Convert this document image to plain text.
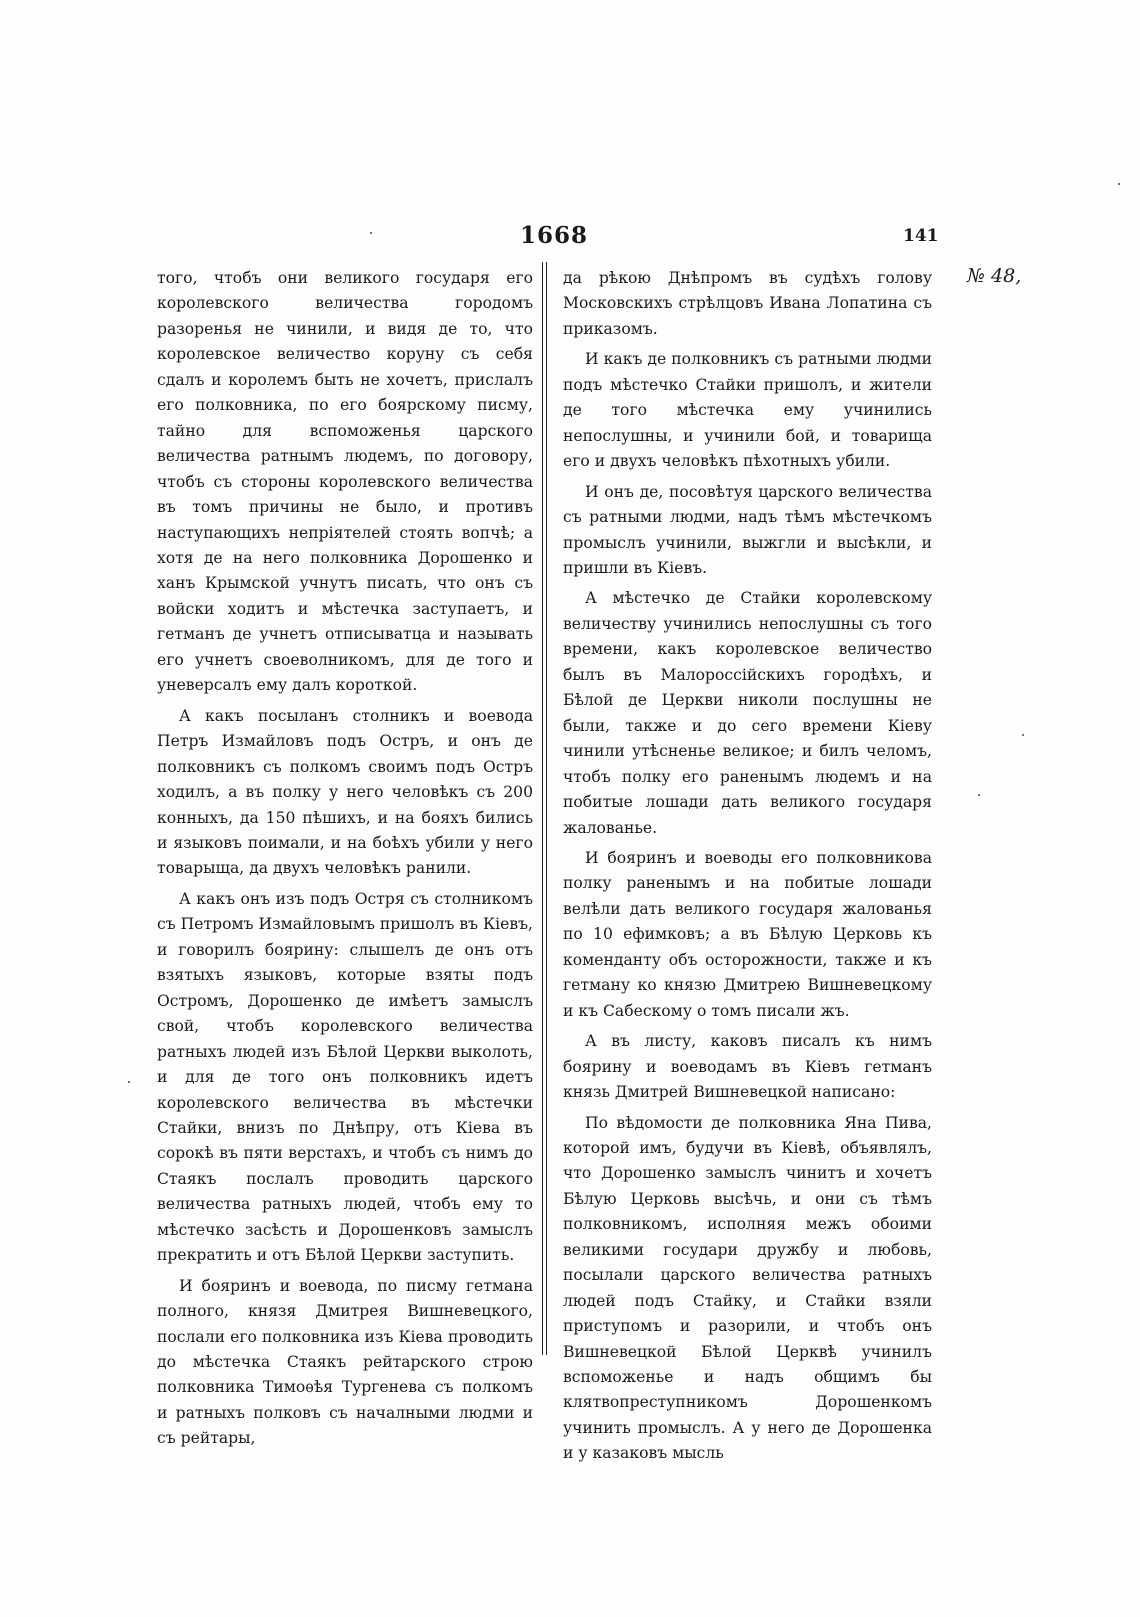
1668	141
№ 48,

того, чтобъ они великого государя его королевского величества городомъ разоренья не чинили, и видя де то, что королевское величество коруну съ себя сдалъ и королемъ быть не хочетъ, прислалъ его полковника, по его боярскому писму, тайно для вспоможенья царского величества ратнымъ людемъ, по договору, чтобъ съ стороны королевского величества въ томъ причины не было, и противъ наступающихъ непріятелей стоять вопчѣ; а хотя де на него полковника Дорошенко и ханъ Крымской учнутъ писать, что онъ съ войски ходитъ и мѣстечка заступаетъ, и гетманъ де учнетъ отписыватца и называть его учнетъ своеволникомъ, для де того и уневерсалъ ему далъ короткой.

А какъ посыланъ столникъ и воевода Петръ Измайловъ подъ Остръ, и онъ де полковникъ съ полкомъ своимъ подъ Остръ ходилъ, а въ полку у него человѣкъ съ 200 конныхъ, да 150 пѣшихъ, и на бояхъ бились и языковъ поимали, и на боѣхъ убили у него товарыща, да двухъ человѣкъ ранили.

А какъ онъ изъ подъ Остря съ столникомъ съ Петромъ Измайловымъ пришолъ въ Кіевъ, и говорилъ боярину: слышелъ де онъ отъ взятыхъ языковъ, которые взяты подъ Остромъ, Дорошенко де имѣетъ замыслъ свой, чтобъ королевского величества ратныхъ людей изъ Бѣлой Церкви выколоть, и для де того онъ полковникъ идетъ королевского величества въ мѣстечки Стайки, внизъ по Днѣпру, отъ Кіева въ сорокѣ въ пяти верстахъ, и чтобъ съ нимъ до Стаякъ послалъ проводить царского величества ратныхъ людей, чтобъ ему то мѣстечко засѣсть и Дорошенковъ замыслъ прекратить и отъ Бѣлой Церкви заступить.

И бояринъ и воевода, по писму гетмана полного, князя Дмитрея Вишневецкого, послали его полковника изъ Кіева проводить до мѣстечка Стаякъ рейтарского строю полковника Тимоѳѣя Тургенева съ полкомъ и ратныхъ полковъ съ началными людми и съ рейтары,

да рѣкою Днѣпромъ въ судѣхъ голову Московскихъ стрѣлцовъ Ивана Лопатина съ приказомъ.

И какъ де полковникъ съ ратными людми подъ мѣстечко Стайки пришолъ, и жители де того мѣстечка ему учинились непослушны, и учинили бой, и товарища его и двухъ человѣкъ пѣхотныхъ убили.

И онъ де, посовѣтуя царского величества съ ратными людми, надъ тѣмъ мѣстечкомъ промыслъ учинили, выжгли и высѣкли, и пришли въ Кіевъ.

А мѣстечко де Стайки королевскому величеству учинились непослушны съ того времени, какъ королевское величество былъ въ Малороссійскихъ городѣхъ, и Бѣлой де Церкви николи послушны не были, также и до сего времени Кіеву чинили утѣсненье великое; и билъ челомъ, чтобъ полку его раненымъ людемъ и на побитые лошади дать великого государя жалованье.

И бояринъ и воеводы его полковникова полку раненымъ и на побитые лошади велѣли дать великого государя жалованья по 10 ефимковъ; а въ Бѣлую Церковь къ коменданту объ осторожности, также и къ гетману ко князю Дмитрею Вишневецкому и къ Сабескому о томъ писали жъ.

А въ листу, каковъ писалъ къ нимъ боярину и воеводамъ въ Кіевъ гетманъ князь Дмитрей Вишневецкой написано:

По вѣдомости де полковника Яна Пива, которой имъ, будучи въ Кіевѣ, объявлялъ, что Дорошенко замыслъ чинитъ и хочетъ Бѣлую Церковь высѣчь, и они съ тѣмъ полковникомъ, исполняя межъ обоими великими государи дружбу и любовь, посылали царского величества ратныхъ людей подъ Стайку, и Стайки взяли приступомъ и разорили, и чтобъ онъ Вишневецкой Бѣлой Церквѣ учинилъ вспоможенье и надъ общимъ бы клятвопреступникомъ Дорошенкомъ учинить промыслъ. А у него де Дорошенка и у казаковъ мысль
